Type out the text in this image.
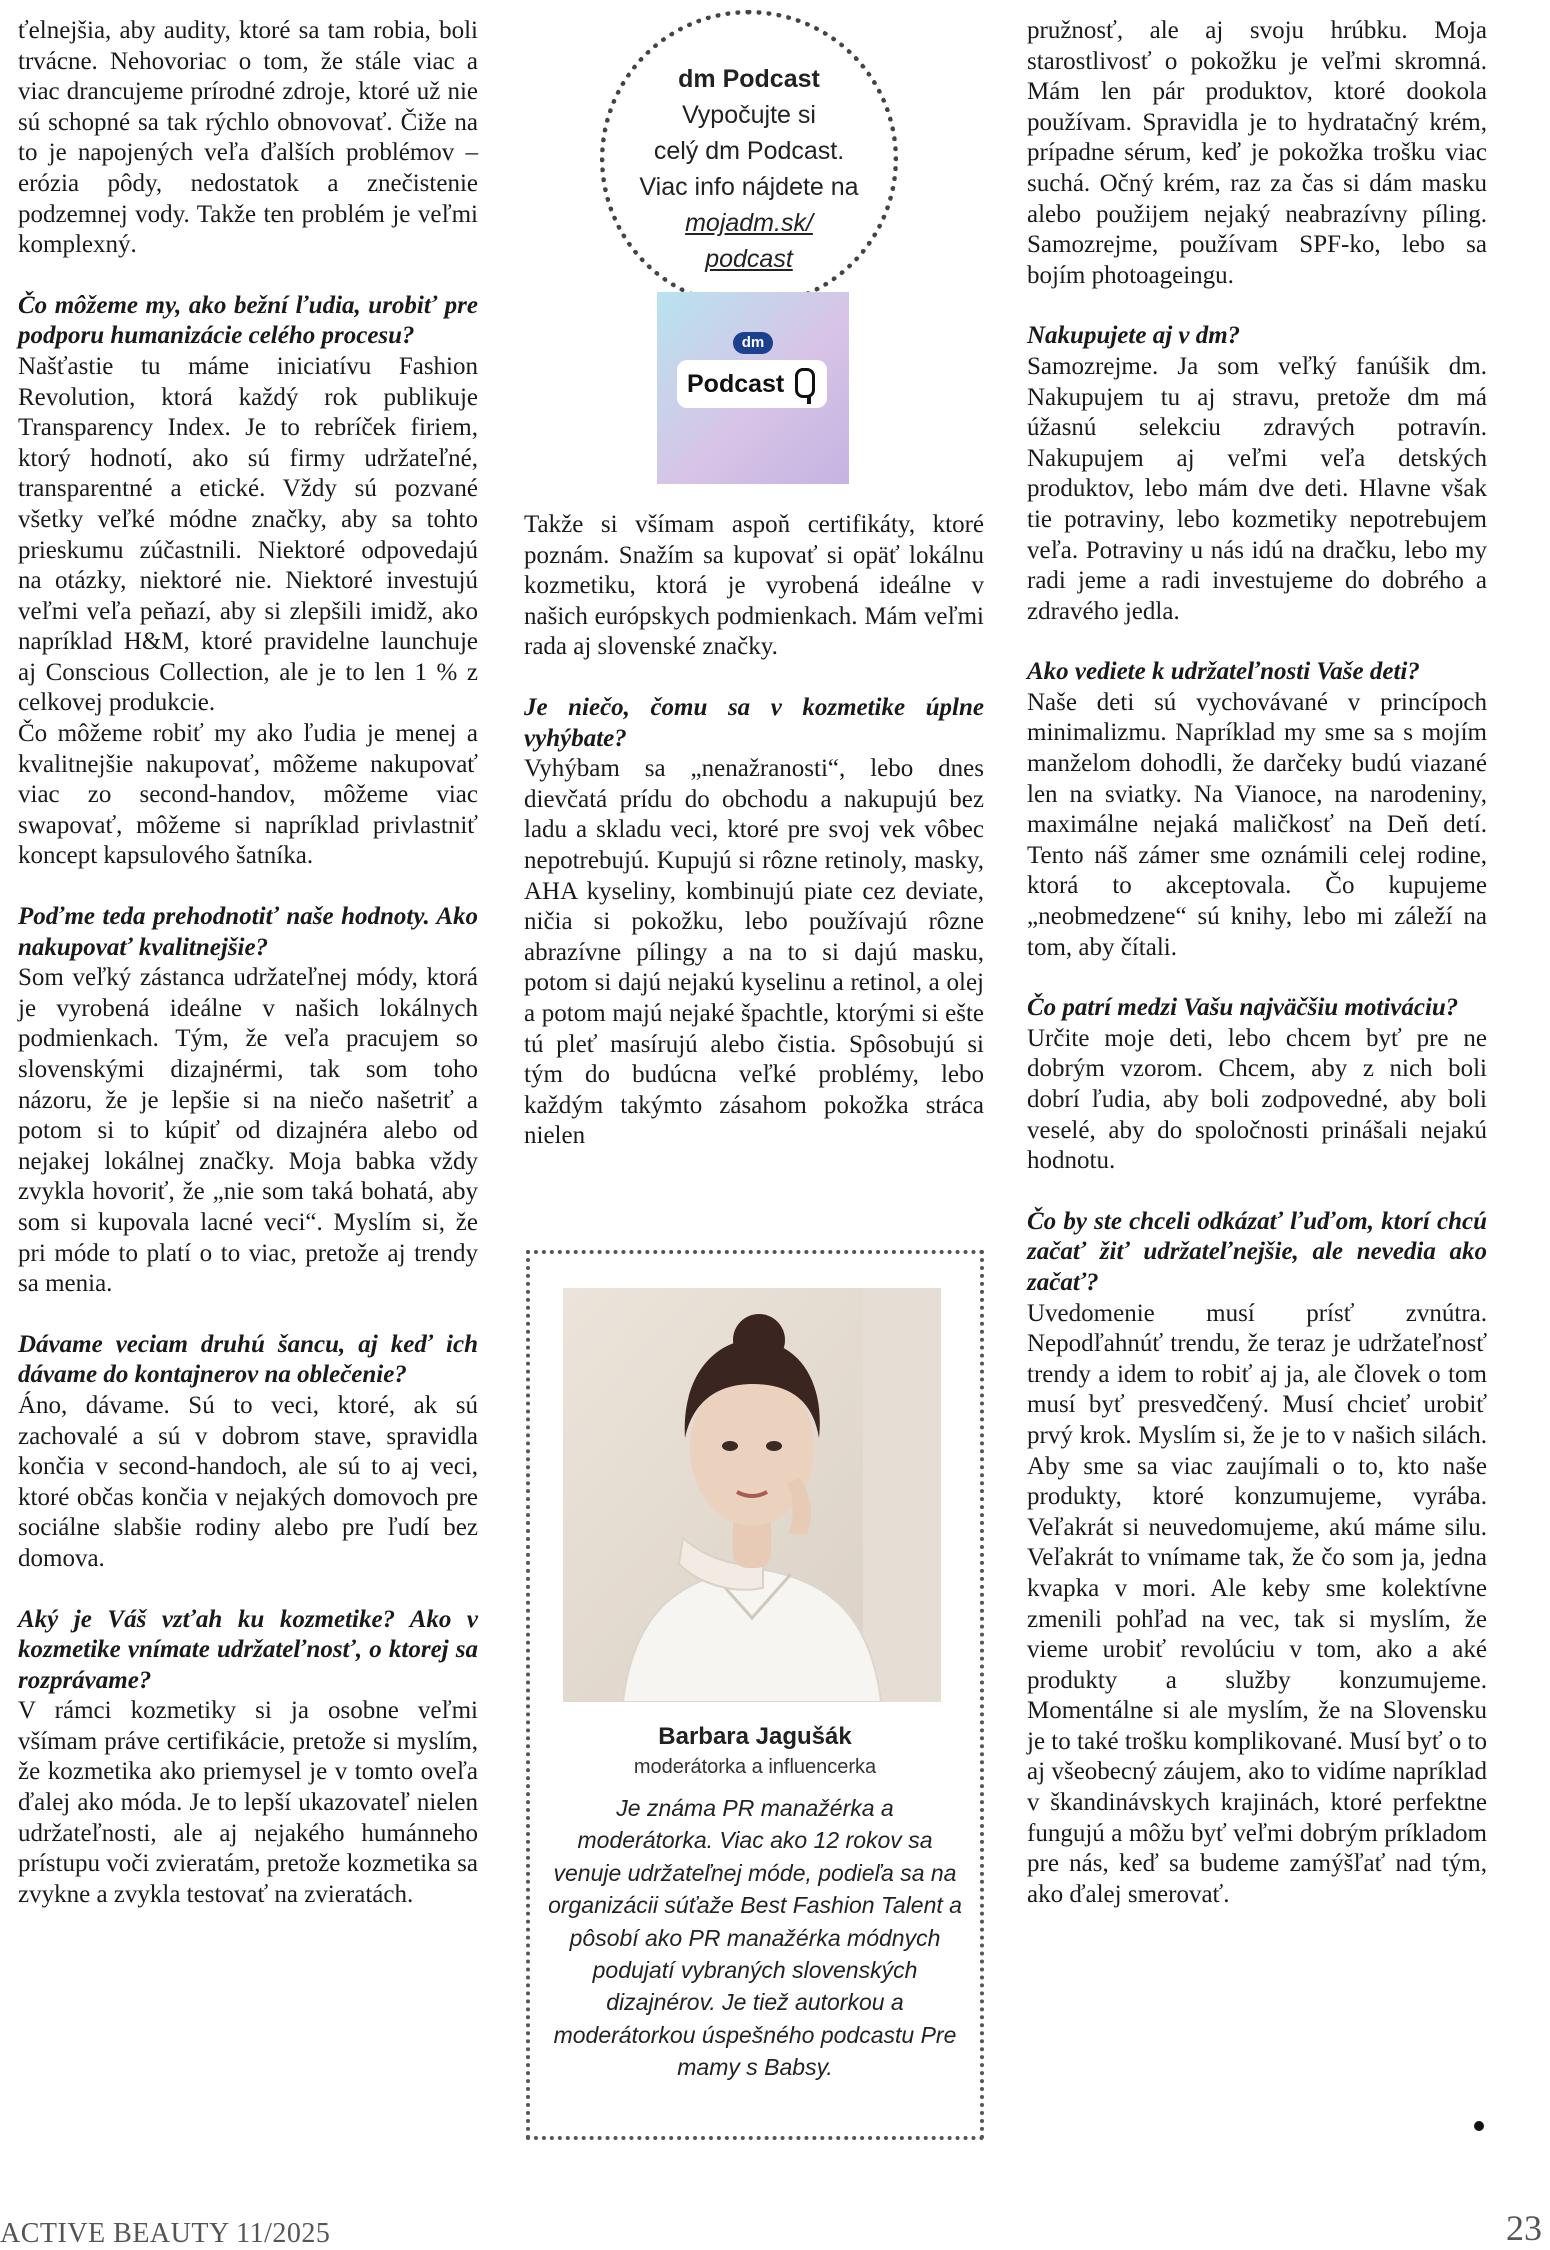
ťelnejšia, aby audity, ktoré sa tam robia, boli trvácne. Nehovoriac o tom, že stále viac a viac drancujeme prírodné zdroje, ktoré už nie sú schopné sa tak rýchlo obnovovať. Čiže na to je napojených veľa ďalších problémov – erózia pôdy, nedostatok a znečistenie podzemnej vody. Takže ten problém je veľmi komplexný.

Čo môžeme my, ako bežní ľudia, urobiť pre podporu humanizácie celého procesu?

Našťastie tu máme iniciatívu Fashion Revolution, ktorá každý rok publikuje Transparency Index. Je to rebríček firiem, ktorý hodnotí, ako sú firmy udržateľné, transparentné a etické. Vždy sú pozvané všetky veľké módne značky, aby sa tohto prieskumu zúčastnili. Niektoré odpovedajú na otázky, niektoré nie. Niektoré investujú veľmi veľa peňazí, aby si zlepšili imidž, ako napríklad H&M, ktoré pravidelne launchuje aj Conscious Collection, ale je to len 1 % z celkovej produkcie.

Čo môžeme robiť my ako ľudia je menej a kvalitnejšie nakupovať, môžeme nakupovať viac zo second-handov, môžeme viac swapovať, môžeme si napríklad privlastniť koncept kapsulového šatníka.

Poďme teda prehodnotiť naše hodnoty. Ako nakupovať kvalitnejšie?

Som veľký zástanca udržateľnej módy, ktorá je vyrobená ideálne v našich lokálnych podmienkach. Tým, že veľa pracujem so slovenskými dizajnérmi, tak som toho názoru, že je lepšie si na niečo našetriť a potom si to kúpiť od dizajnéra alebo od nejakej lokálnej značky. Moja babka vždy zvykla hovoriť, že „nie som taká bohatá, aby som si kupovala lacné veci“. Myslím si, že pri móde to platí o to viac, pretože aj trendy sa menia.

Dávame veciam druhú šancu, aj keď ich dávame do kontajnerov na oblečenie?

Áno, dávame. Sú to veci, ktoré, ak sú zachovalé a sú v dobrom stave, spravidla končia v second-handoch, ale sú to aj veci, ktoré občas končia v nejakých domovoch pre sociálne slabšie rodiny alebo pre ľudí bez domova.

Aký je Váš vzťah ku kozmetike? Ako v kozmetike vnímate udržateľnosť, o ktorej sa rozprávame?

V rámci kozmetiky si ja osobne veľmi všímam práve certifikácie, pretože si myslím, že kozmetika ako priemysel je v tomto oveľa ďalej ako móda. Je to lepší ukazovateľ nielen udržateľnosti, ale aj nejakého humánneho prístupu voči zvieratám, pretože kozmetika sa zvykne a zvykla testovať na zvieratách.

Takže si všímam aspoň certifikáty, ktoré poznám. Snažím sa kupovať si opäť lokálnu kozmetiku, ktorá je vyrobená ideálne v našich európskych podmienkach. Mám veľmi rada aj slovenské značky.

Je niečo, čomu sa v kozmetike úplne vyhýbate?

Vyhýbam sa „nenažranosti“, lebo dnes dievčatá prídu do obchodu a nakupujú bez ladu a skladu veci, ktoré pre svoj vek vôbec nepotrebujú. Kupujú si rôzne retinoly, masky, AHA kyseliny, kombinujú piate cez deviate, ničia si pokožku, lebo používajú rôzne abrazívne pílingy a na to si dajú masku, potom si dajú nejakú kyselinu a retinol, a olej a potom majú nejaké špachtle, ktorými si ešte tú pleť masírujú alebo čistia. Spôsobujú si tým do budúcna veľké problémy, lebo každým takýmto zásahom pokožka stráca nielen

pružnosť, ale aj svoju hrúbku. Moja starostlivosť o pokožku je veľmi skromná. Mám len pár produktov, ktoré dookola používam. Spravidla je to hydratačný krém, prípadne sérum, keď je pokožka trošku viac suchá. Očný krém, raz za čas si dám masku alebo použijem nejaký neabrazívny píling. Samozrejme, používam SPF-ko, lebo sa bojím photoageingu.

Nakupujete aj v dm?

Samozrejme. Ja som veľký fanúšik dm. Nakupujem tu aj stravu, pretože dm má úžasnú selekciu zdravých potravín. Nakupujem aj veľmi veľa detských produktov, lebo mám dve deti. Hlavne však tie potraviny, lebo kozmetiky nepotrebujem veľa. Potraviny u nás idú na dračku, lebo my radi jeme a radi investujeme do dobrého a zdravého jedla.

Ako vediete k udržateľnosti Vaše deti?

Naše deti sú vychovávané v princípoch minimalizmu. Napríklad my sme sa s mojím manželom dohodli, že darčeky budú viazané len na sviatky. Na Vianoce, na narodeniny, maximálne nejaká maličkosť na Deň detí. Tento náš zámer sme oznámili celej rodine, ktorá to akceptovala. Čo kupujeme „neobmedzene“ sú knihy, lebo mi záleží na tom, aby čítali.

Čo patrí medzi Vašu najväčšiu motiváciu?

Určite moje deti, lebo chcem byť pre ne dobrým vzorom. Chcem, aby z nich boli dobrí ľudia, aby boli zodpovedné, aby boli veselé, aby do spoločnosti prinášali nejakú hodnotu.

Čo by ste chceli odkázať ľuďom, ktorí chcú začať žiť udržateľnejšie, ale nevedia ako začať?

Uvedomenie musí prísť zvnútra. Nepodľahnúť trendu, že teraz je udržateľnosť trendy a idem to robiť aj ja, ale človek o tom musí byť presvedčený. Musí chcieť urobiť prvý krok. Myslím si, že je to v našich silách. Aby sme sa viac zaujímali o to, kto naše produkty, ktoré konzumujeme, vyrába. Veľakrát si neuvedomujeme, akú máme silu. Veľakrát to vnímame tak, že čo som ja, jedna kvapka v mori. Ale keby sme kolektívne zmenili pohľad na vec, tak si myslím, že vieme urobiť revolúciu v tom, ako a aké produkty a služby konzumujeme. Momentálne si ale myslím, že na Slovensku je to také trošku komplikované. Musí byť o to aj všeobecný záujem, ako to vidíme napríklad v škandinávskych krajinách, ktoré perfektne fungujú a môžu byť veľmi dobrým príkladom pre nás, keď sa budeme zamýšľať nad tým, ako ďalej smerovať.

dm Podcast
Vypočujte si
celý dm Podcast.
Viac info nájdete na
mojadm.sk/
podcast
dm
Podcast
Barbara Jagušák
moderátorka a influencerka
Je známa PR manažérka a moderátorka. Viac ako 12 rokov sa venuje udržateľnej móde, podieľa sa na organizácii súťaže Best Fashion Talent a pôsobí ako PR manažérka módnych podujatí vybraných slovenských dizajnérov. Je tiež autorkou a moderátorkou úspešného podcastu Pre mamy s Babsy.
ACTIVE BEAUTY 11/2025	23
